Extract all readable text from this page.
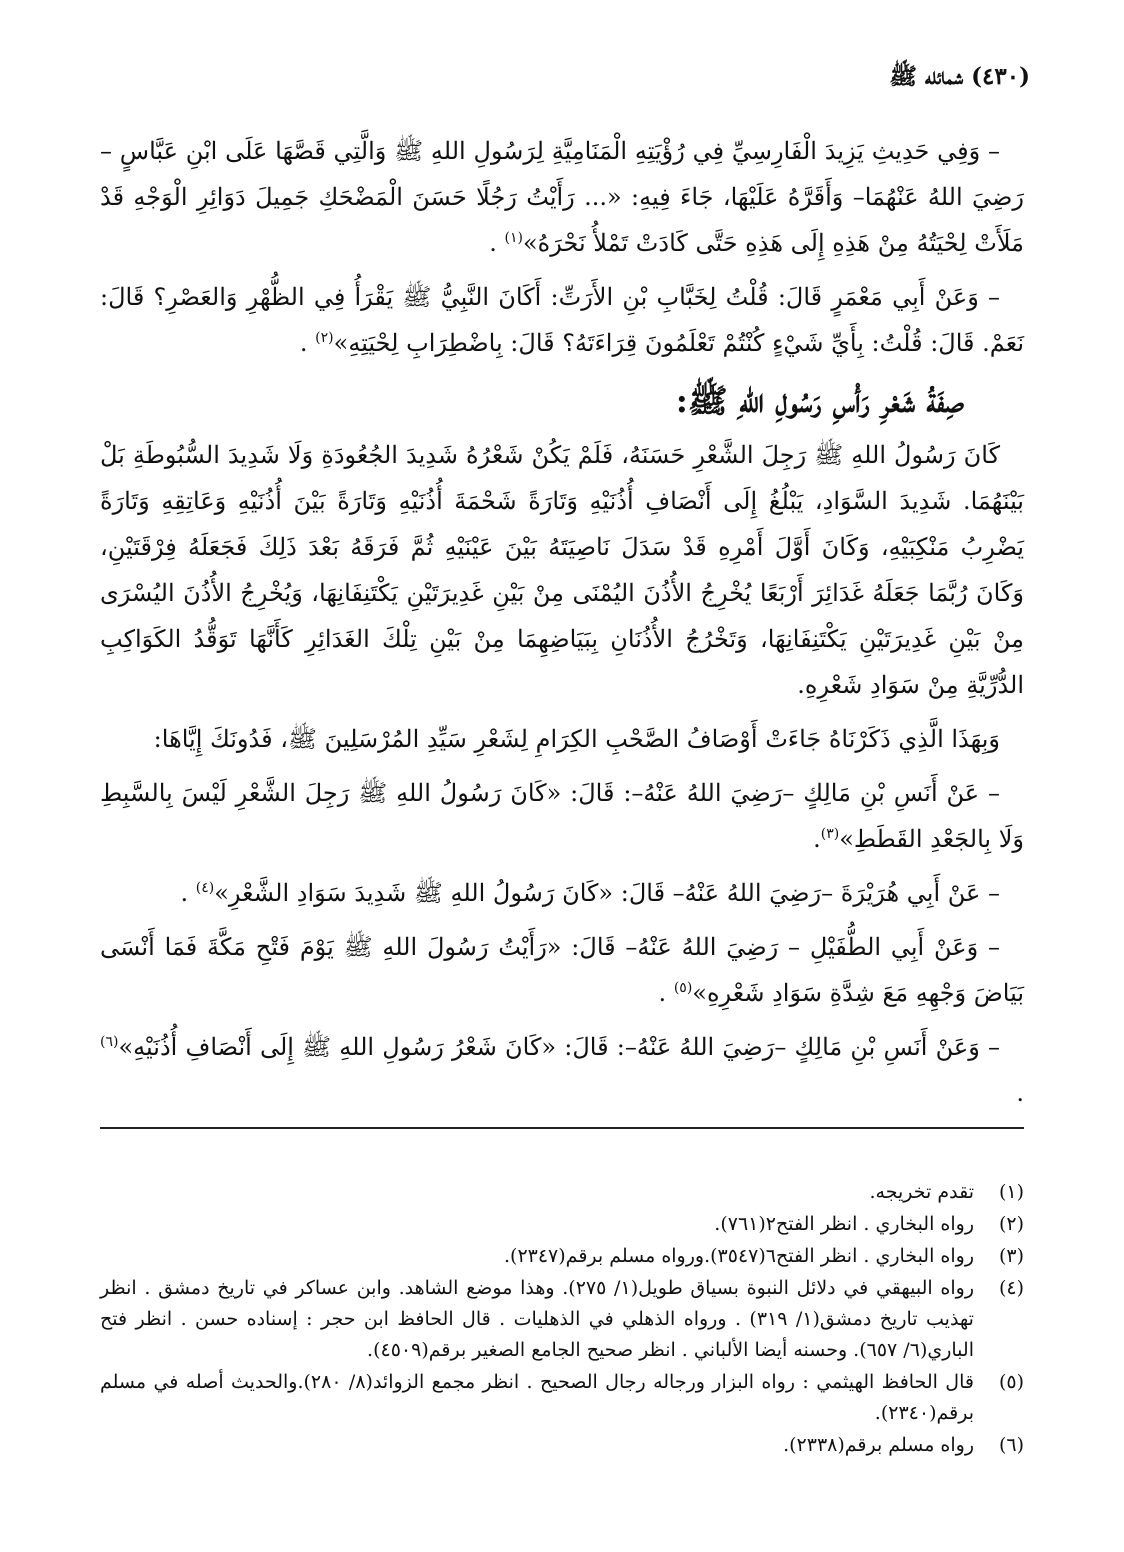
(٤٣٠) شمائله ﷺ

– وَفِي حَدِيثِ يَزِيدَ الْفَارِسِيِّ فِي رُؤْيَتِهِ الْمَنَامِيَّةِ لِرَسُولِ اللهِ ﷺ وَالَّتِي قَصَّهَا عَلَى ابْنِ عَبَّاسٍ –رَضِيَ اللهُ عَنْهُمَا– وَأَقَرَّهُ عَلَيْهَا، جَاءَ فِيهِ: «... رَأَيْتُ رَجُلًا حَسَنَ الْمَضْحَكِ جَمِيلَ دَوَائِرِ الْوَجْهِ قَدْ مَلَأَتْ لِحْيَتُهُ مِنْ هَذِهِ إِلَى هَذِهِ حَتَّى كَادَتْ تَمْلأُ نَحْرَهُ»$^{(١)}$ .

– وَعَنْ أَبِي مَعْمَرٍ قَالَ: قُلْتُ لِخَبَّابِ بْنِ الأَرَتِّ: أَكَانَ النَّبِيُّ ﷺ يَقْرَأُ فِي الظُّهْرِ وَالعَصْرِ؟ قَالَ: نَعَمْ. قَالَ: قُلْتُ: بِأَيِّ شَيْءٍ كُنْتُمْ تَعْلَمُونَ قِرَاءَتَهُ؟ قَالَ: بِاضْطِرَابِ لِحْيَتِهِ»$^{(٢)}$ .

صِفَةُ شَعْرِ رَأْسِ رَسُولِ اللهِ ﷺ:

كَانَ رَسُولُ اللهِ ﷺ رَجِلَ الشَّعْرِ حَسَنَهُ، فَلَمْ يَكُنْ شَعْرُهُ شَدِيدَ الجُعُودَةِ وَلَا شَدِيدَ السُّبُوطَةِ بَلْ بَيْنَهُمَا. شَدِيدَ السَّوَادِ، يَبْلُغُ إِلَى أَنْصَافِ أُذُنَيْهِ وَتَارَةً شَحْمَةَ أُذُنَيْهِ وَتَارَةً بَيْنَ أُذُنَيْهِ وَعَاتِقِهِ وَتَارَةً يَضْرِبُ مَنْكِبَيْهِ، وَكَانَ أَوَّلَ أَمْرِهِ قَدْ سَدَلَ نَاصِيَتَهُ بَيْنَ عَيْنَيْهِ ثُمَّ فَرَقَهُ بَعْدَ ذَلِكَ فَجَعَلَهُ فِرْقَتَيْنِ، وَكَانَ رُبَّمَا جَعَلَهُ غَدَائِرَ أَرْبَعًا يُخْرِجُ الأُذُنَ اليُمْنَى مِنْ بَيْنِ غَدِيرَتَيْنِ يَكْتَنِفَانِهَا، وَيُخْرِجُ الأُذُنَ اليُسْرَى مِنْ بَيْنِ غَدِيرَتَيْنِ يَكْتَنِفَانِهَا، وَتَخْرُجُ الأُذُنَانِ بِبَيَاضِهِمَا مِنْ بَيْنِ تِلْكَ الغَدَائِرِ كَأَنَّهَا تَوَقُّدُ الكَوَاكِبِ الدُّرِّيَّةِ مِنْ سَوَادِ شَعْرِهِ.

وَبِهَذَا الَّذِي ذَكَرْنَاهُ جَاءَتْ أَوْصَافُ الصَّحْبِ الكِرَامِ لِشَعْرِ سَيِّدِ المُرْسَلِينَ ﷺ، فَدُونَكَ إِيَّاهَا:

– عَنْ أَنَسِ بْنِ مَالِكٍ –رَضِيَ اللهُ عَنْهُ–: قَالَ: «كَانَ رَسُولُ اللهِ ﷺ رَجِلَ الشَّعْرِ لَيْسَ بِالسَّبِطِ وَلَا بِالجَعْدِ القَطَطِ»$^{(٣)}$.

– عَنْ أَبِي هُرَيْرَةَ –رَضِيَ اللهُ عَنْهُ– قَالَ: «كَانَ رَسُولُ اللهِ ﷺ شَدِيدَ سَوَادِ الشَّعْرِ»$^{(٤)}$ .

– وَعَنْ أَبِي الطُّفَيْلِ – رَضِيَ اللهُ عَنْهُ– قَالَ: «رَأَيْتُ رَسُولَ اللهِ ﷺ يَوْمَ فَتْحِ مَكَّةَ فَمَا أَنْسَى بَيَاضَ وَجْهِهِ مَعَ شِدَّةِ سَوَادِ شَعْرِهِ»$^{(٥)}$ .

– وَعَنْ أَنَسِ بْنِ مَالِكٍ –رَضِيَ اللهُ عَنْهُ–: قَالَ: «كَانَ شَعْرُ رَسُولِ اللهِ ﷺ إِلَى أَنْصَافِ أُذُنَيْهِ»$^{(٦)}$ .

(١)
تقدم تخريجه.
(٢)
رواه البخاري . انظر الفتح٢(٧٦١).
(٣)
رواه البخاري . انظر الفتح٦(٣٥٤٧).ورواه مسلم برقم(٢٣٤٧).
(٤)
رواه البيهقي في دلائل النبوة بسياق طويل(١/ ٢٧٥). وهذا موضع الشاهد. وابن عساكر في تاريخ دمشق . انظر تهذيب تاريخ دمشق(١/ ٣١٩) . ورواه الذهلي في الذهليات . قال الحافظ ابن حجر : إسناده حسن . انظر فتح الباري(٦/ ٦٥٧). وحسنه أيضا الألباني . انظر صحيح الجامع الصغير برقم(٤٥٠٩).
(٥)
قال الحافظ الهيثمي : رواه البزار ورجاله رجال الصحيح . انظر مجمع الزوائد(٨/ ٢٨٠).والحديث أصله في مسلم برقم(٢٣٤٠).
(٦)
رواه مسلم برقم(٢٣٣٨).
